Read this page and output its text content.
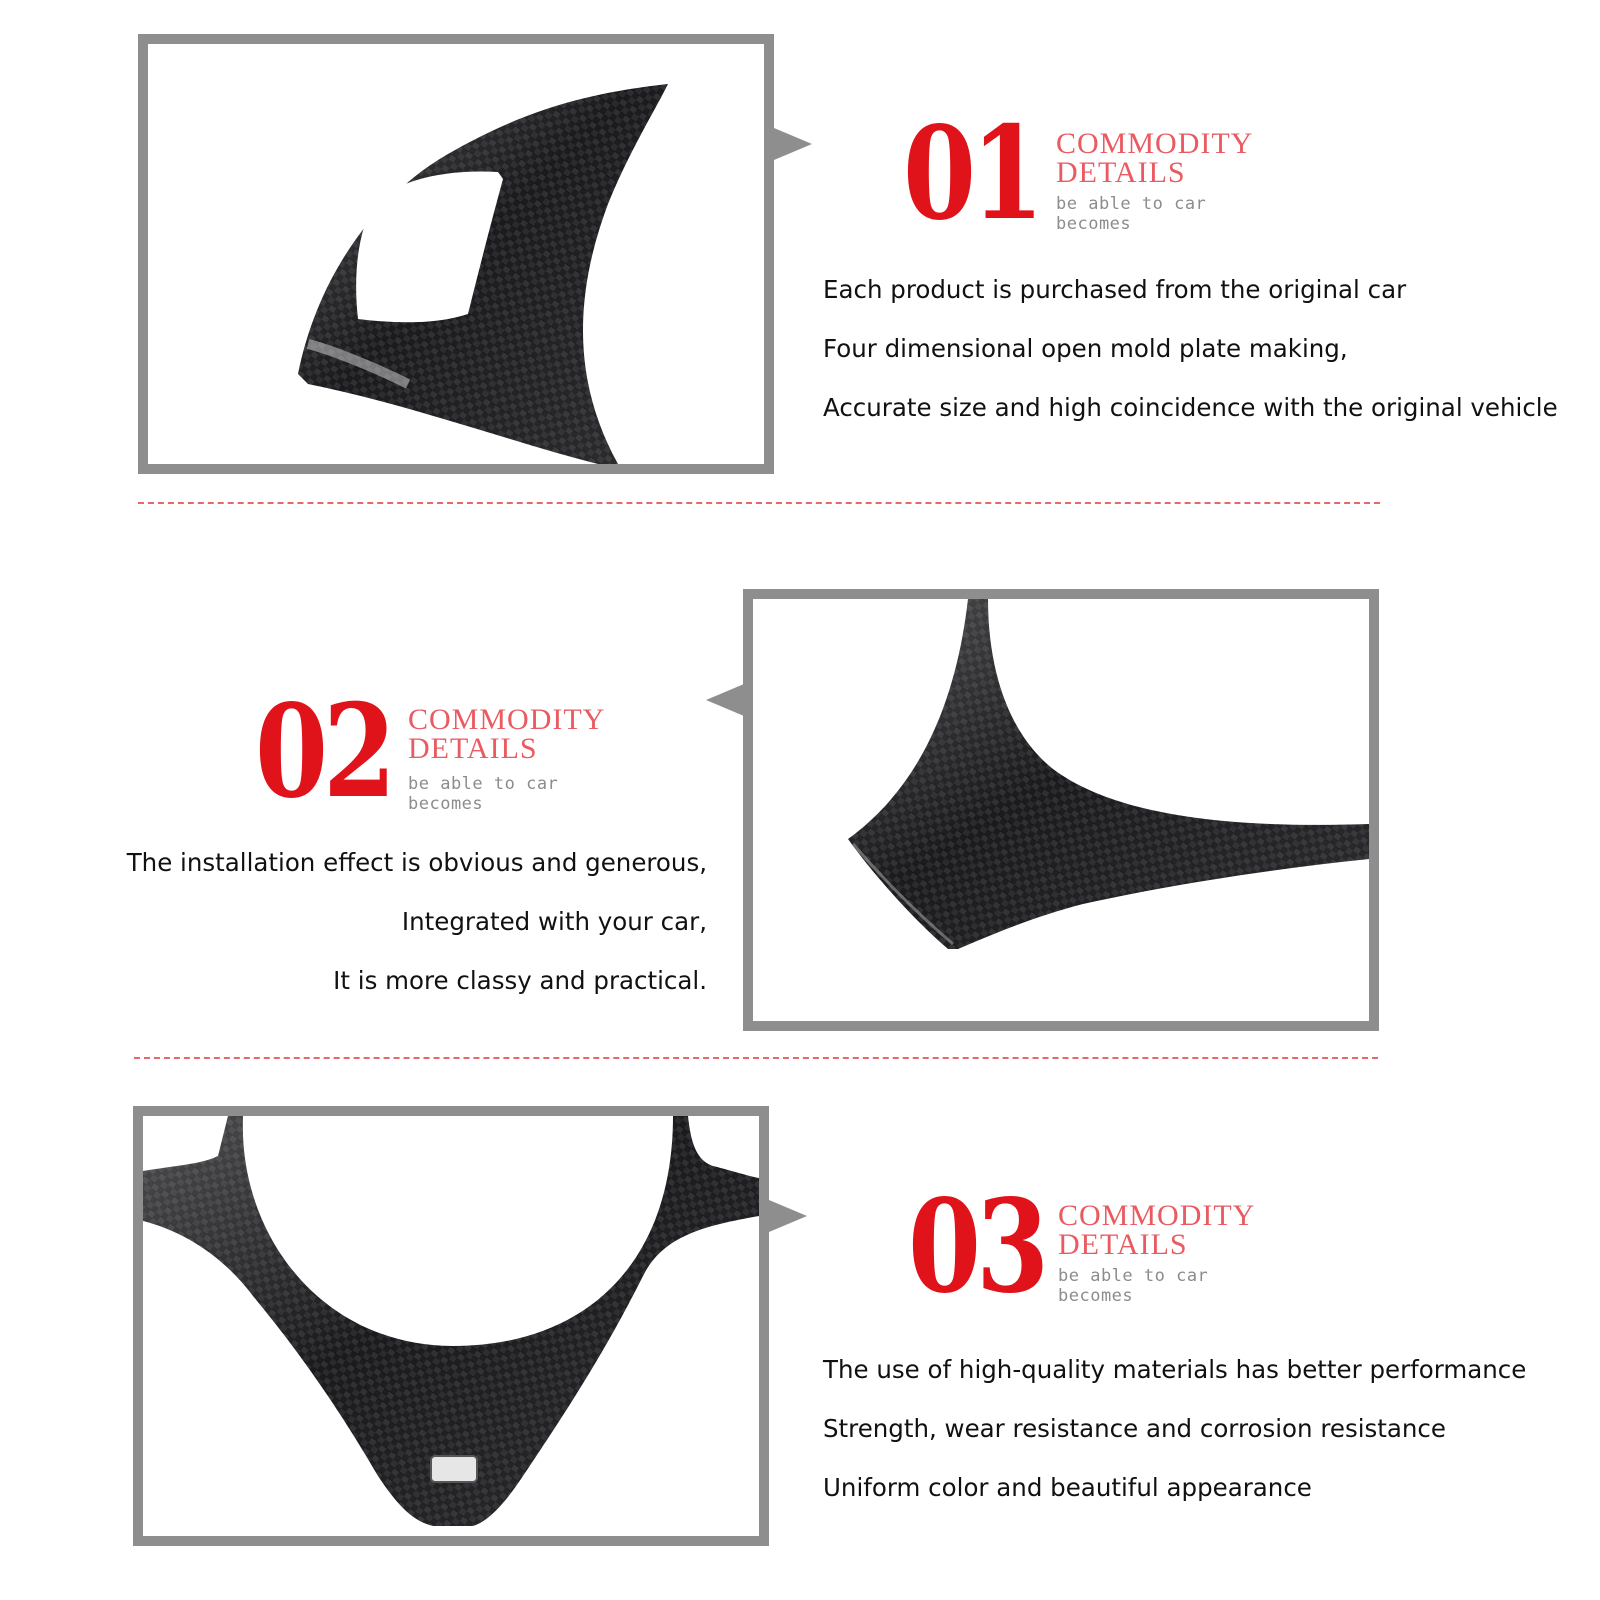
01 COMMODITY
DETAILS
be able to car
becomes
Each product is purchased from the original car
Four dimensional open mold plate making,
Accurate size and high coincidence with the original vehicle
02 COMMODITY
DETAILS
be able to car
becomes
The installation effect is obvious and generous,
Integrated with your car,
It is more classy and practical.
03 COMMODITY
DETAILS
be able to car
becomes
The use of high-quality materials has better performance
Strength, wear resistance and corrosion resistance
Uniform color and beautiful appearance
